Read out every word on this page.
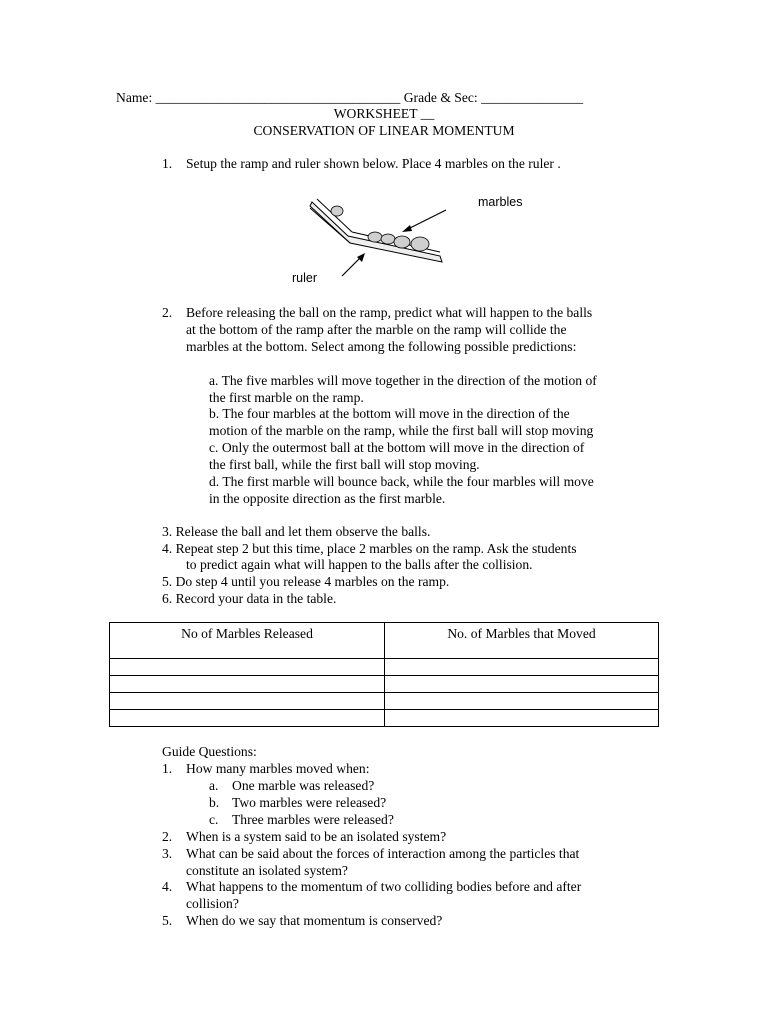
Name: ____________________________________ Grade & Sec: _______________
WORKSHEET __
CONSERVATION OF LINEAR MOMENTUM
1. Setup the ramp and ruler shown below. Place 4 marbles on the ruler .
marbles
ruler
2. Before releasing the ball on the ramp, predict what will happen to the balls
at the bottom of the ramp after the marble on the ramp will collide the
marbles at the bottom. Select among the following possible predictions:
a. The five marbles will move together in the direction of the motion of
the first marble on the ramp.
b. The four marbles at the bottom will move in the direction of the
motion of the marble on the ramp, while the first ball will stop moving
c. Only the outermost ball at the bottom will move in the direction of
the first ball, while the first ball will stop moving.
d. The first marble will bounce back, while the four marbles will move
in the opposite direction as the first marble.
3. Release the ball and let them observe the balls.
4. Repeat step 2 but this time, place 2 marbles on the ramp. Ask the students
to predict again what will happen to the balls after the collision.
5. Do step 4 until you release 4 marbles on the ramp.
6. Record your data in the table.
No of Marbles Released	No. of Marbles that Moved

Guide Questions:
1. How many marbles moved when:
a. One marble was released?
b. Two marbles were released?
c. Three marbles were released?
2. When is a system said to be an isolated system?
3. What can be said about the forces of interaction among the particles that
constitute an isolated system?
4. What happens to the momentum of two colliding bodies before and after
collision?
5. When do we say that momentum is conserved?
